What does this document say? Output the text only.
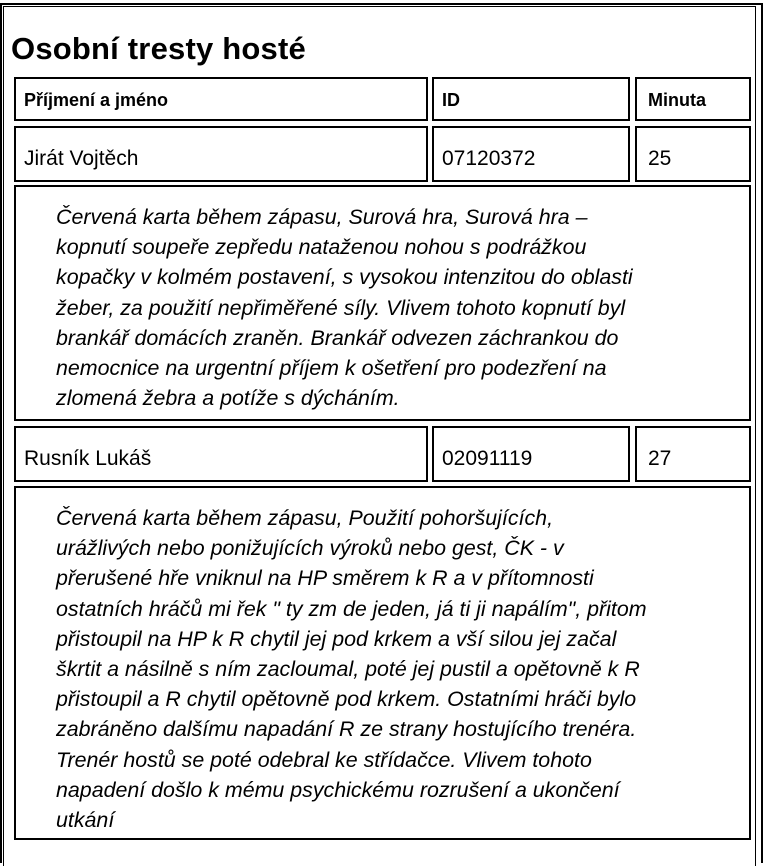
Osobní tresty hosté
Příjmení a jméno	ID	Minuta
Jirát Vojtěch	07120372	25
Červená karta během zápasu, Surová hra, Surová hra –
kopnutí soupeře zepředu nataženou nohou s podrážkou
kopačky v kolmém postavení, s vysokou intenzitou do oblasti
žeber, za použití nepřiměřené síly. Vlivem tohoto kopnutí byl
brankář domácích zraněn. Brankář odvezen záchrankou do
nemocnice na urgentní příjem k ošetření pro podezření na
zlomená žebra a potíže s dýcháním.
Rusník Lukáš	02091119	27
Červená karta během zápasu, Použití pohoršujících,
urážlivých nebo ponižujících výroků nebo gest, ČK - v
přerušené hře vniknul na HP směrem k R a v přítomnosti
ostatních hráčů mi řek " ty zm de jeden, já ti ji napálím", přitom
přistoupil na HP k R chytil jej pod krkem a vší silou jej začal
škrtit a násilně s ním zacloumal, poté jej pustil a opětovně k R
přistoupil a R chytil opětovně pod krkem. Ostatními hráči bylo
zabráněno dalšímu napadání R ze strany hostujícího trenéra.
Trenér hostů se poté odebral ke střídačce. Vlivem tohoto
napadení došlo k mému psychickému rozrušení a ukončení
utkání
